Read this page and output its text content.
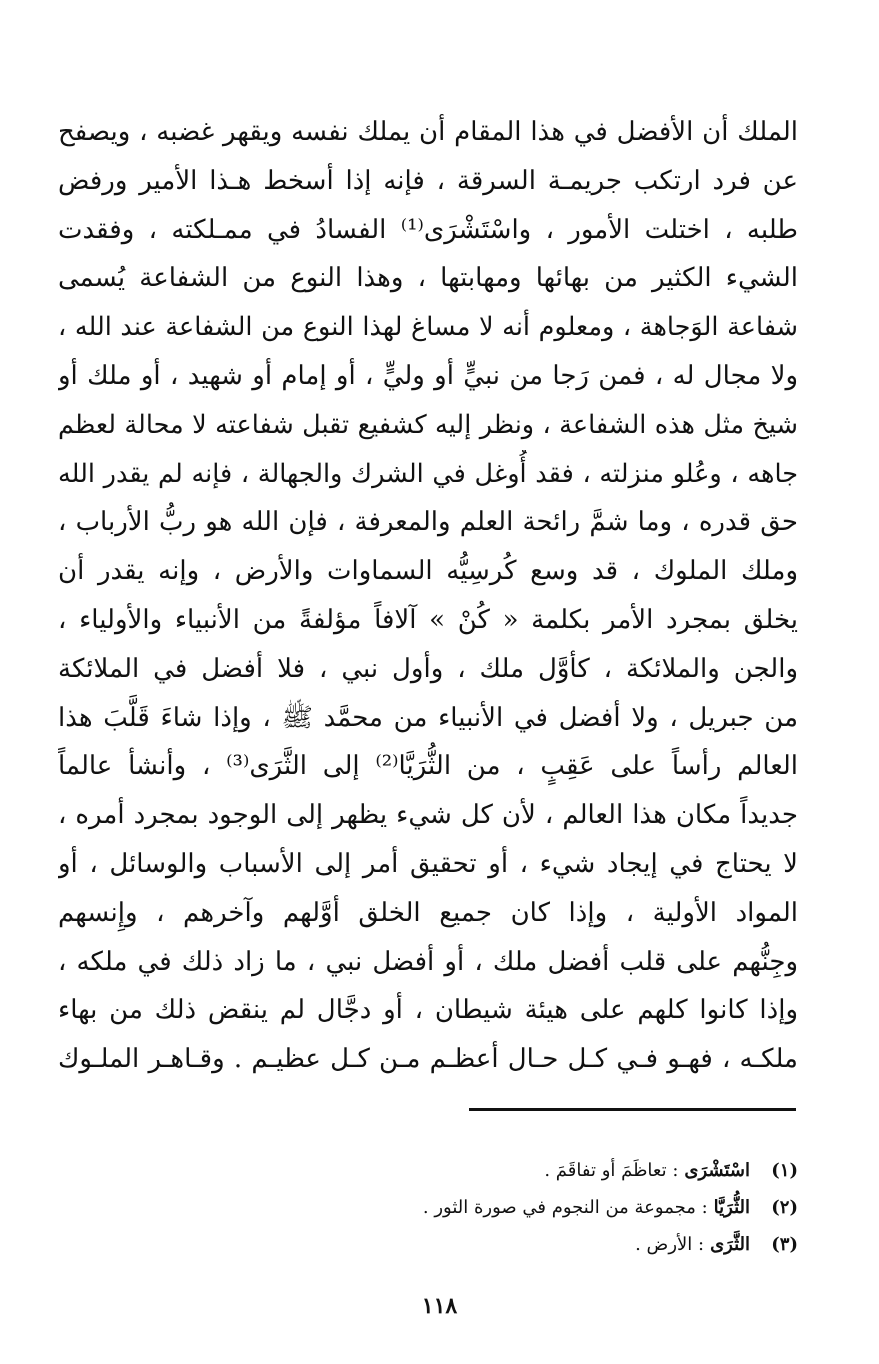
الملك أن الأفضل في هذا المقام أن يملك نفسه ويقهر غضبه ، ويصفح
عن فرد ارتكب جريمـة السرقة ، فإنه إذا أسخط هـذا الأمير ورفض
طلبه ، اختلت الأمور ، واسْتَشْرَى⁽¹⁾ الفسادُ في ممـلكته ، وفقدت
الشيء الكثير من بهائها ومهابتها ، وهذا النوع من الشفاعة يُسمى
شفاعة الوَجاهة ، ومعلوم أنه لا مساغ لهذا النوع من الشفاعة عند الله ،
ولا مجال له ، فمن رَجا من نبيٍّ أو وليٍّ ، أو إمام أو شهيد ، أو ملك أو
شيخ مثل هذه الشفاعة ، ونظر إليه كشفيع تقبل شفاعته لا محالة لعظم
جاهه ، وعُلو منزلته ، فقد أُوغل في الشرك والجهالة ، فإنه لم يقدر الله
حق قدره ، وما شمَّ رائحة العلم والمعرفة ، فإن الله هو ربُّ الأرباب ،
وملك الملوك ، قد وسع كُرسِيُّه السماوات والأرض ، وإنه يقدر أن
يخلق بمجرد الأمر بكلمة « كُنْ » آلافاً مؤلفةً من الأنبياء والأولياء ،
والجن والملائكة ، كأوَّل ملك ، وأول نبي ، فلا أفضل في الملائكة
من جبريل ، ولا أفضل في الأنبياء من محمَّد ﷺ ، وإذا شاءَ قَلَّبَ هذا
العالم رأساً على عَقِبٍ ، من الثُّرَيَّا⁽²⁾ إلى الثَّرَى⁽³⁾ ، وأنشأ عالماً
جديداً مكان هذا العالم ، لأن كل شيء يظهر إلى الوجود بمجرد أمره ،
لا يحتاج في إيجاد شيء ، أو تحقيق أمر إلى الأسباب والوسائل ، أو
المواد الأولية ، وإذا كان جميع الخلق أوَّلهم وآخرهم ، وإِنسهم
وجِنُّهم على قلب أفضل ملك ، أو أفضل نبي ، ما زاد ذلك في ملكه ،
وإذا كانوا كلهم على هيئة شيطان ، أو دجَّال لم ينقض ذلك من بهاء
ملكـه ، فهـو فـي كـل حـال أعظـم مـن كـل عظيـم . وقـاهـر الملـوك
(١)
اسْتَشْرَى
: تعاظَمَ أو تفاقَمَ .
(٢)
الثُّرَيَّا
: مجموعة من النجوم في صورة الثور .
(٣)
الثَّرَى
: الأرض .
١١٨
